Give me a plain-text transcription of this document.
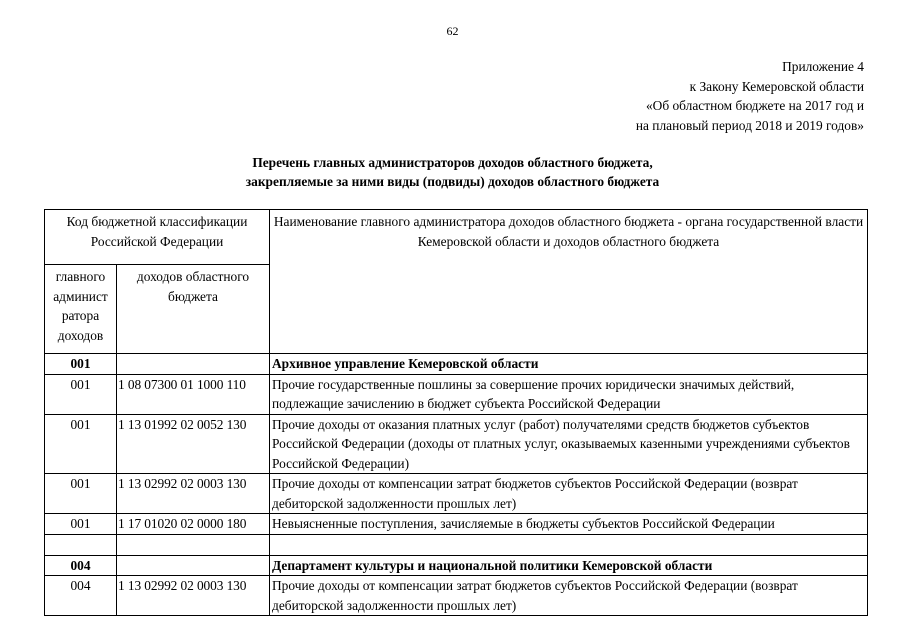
62
Приложение 4
к Закону Кемеровской области
«Об областном бюджете на 2017 год и
на плановый период 2018 и 2019 годов»
Перечень главных администраторов доходов областного бюджета,
закрепляемые за ними виды (подвиды) доходов областного бюджета
Код бюджетной классификации Российской Федерации		Наименование главного администратора доходов областного бюджета - органа государственной власти Кемеровской области и доходов областного бюджета
главного админист ратора доходов	доходов областного бюджета	
001		Архивное управление Кемеровской области
001	1 08 07300 01 1000 110	Прочие государственные пошлины за совершение прочих юридически значимых действий, подлежащие зачислению в бюджет субъекта Российской Федерации
001	1 13 01992 02 0052 130	Прочие доходы от оказания платных услуг (работ) получателями средств бюджетов субъектов Российской Федерации (доходы от платных услуг, оказываемых казенными учреждениями субъектов Российской Федерации)
001	1 13 02992 02 0003 130	Прочие доходы от компенсации затрат бюджетов субъектов Российской Федерации (возврат дебиторской задолженности прошлых лет)
001	1 17 01020 02 0000 180	Невыясненные поступления, зачисляемые в бюджеты субъектов Российской Федерации

004		Департамент культуры и национальной политики Кемеровской области
004	1 13 02992 02 0003 130	Прочие доходы от компенсации затрат бюджетов субъектов Российской Федерации (возврат дебиторской задолженности прошлых лет)
